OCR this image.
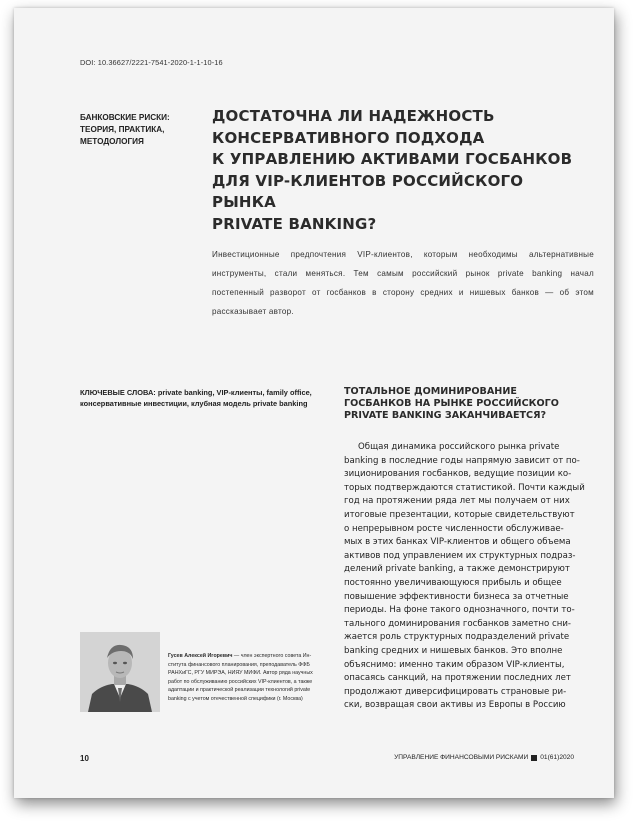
DOI: 10.36627/2221-7541-2020-1-1-10-16
БАНКОВСКИЕ РИСКИ:
ТЕОРИЯ, ПРАКТИКА,
МЕТОДОЛОГИЯ
ДОСТАТОЧНА ЛИ НАДЕЖНОСТЬ
КОНСЕРВАТИВНОГО ПОДХОДА
К УПРАВЛЕНИЮ АКТИВАМИ ГОСБАНКОВ
ДЛЯ VIP-КЛИЕНТОВ РОССИЙСКОГО РЫНКА
PRIVATE BANKING?
Инвестиционные предпочтения VIP-клиентов, которым необходимы альтернативные инструменты, стали меняться. Тем самым российский рынок private banking начал постепенный разворот от госбанков в сторону средних и нишевых банков — об этом рассказывает автор.
КЛЮЧЕВЫЕ СЛОВА: private banking, VIP-клиенты, family office, консервативные инвестиции, клубная модель private banking
ТОТАЛЬНОЕ ДОМИНИРОВАНИЕ
ГОСБАНКОВ НА РЫНКЕ РОССИЙСКОГО
PRIVATE BANKING ЗАКАНЧИВАЕТСЯ?
Общая динамика российского рынка private
banking в последние годы напрямую зависит от по-
зиционирования госбанков, ведущие позиции ко-
торых подтверждаются статистикой. Почти каждый
год на протяжении ряда лет мы получаем от них
итоговые презентации, которые свидетельствуют
о непрерывном росте численности обслуживае-
мых в этих банках VIP-клиентов и общего объема
активов под управлением их структурных подраз-
делений private banking, а также демонстрируют
постоянно увеличивающуюся прибыль и общее
повышение эффективности бизнеса за отчетные
периоды. На фоне такого однозначного, почти то-
тального доминирования госбанков заметно сни-
жается роль структурных подразделений private
banking средних и нишевых банков. Это вполне
объяснимо: именно таким образом VIP-клиенты,
опасаясь санкций, на протяжении последних лет
продолжают диверсифицировать страновые ри-
ски, возвращая свои активы из Европы в Россию
Гусев Алексей Игоревич — член экспертного совета Ин-
ститута финансового планирования, преподаватель ФФБ
РАНХиГС, РГУ МИРЭА, НИЯУ МИФИ. Автор ряда научных
работ по обслуживанию российских VIP-клиентов, а также
адаптации и практической реализации технологий private
banking с учетом отечественной специфики (г. Москва)
10	УПРАВЛЕНИЕ ФИНАНСОВЫМИ РИСКАМИ 01(61)2020
